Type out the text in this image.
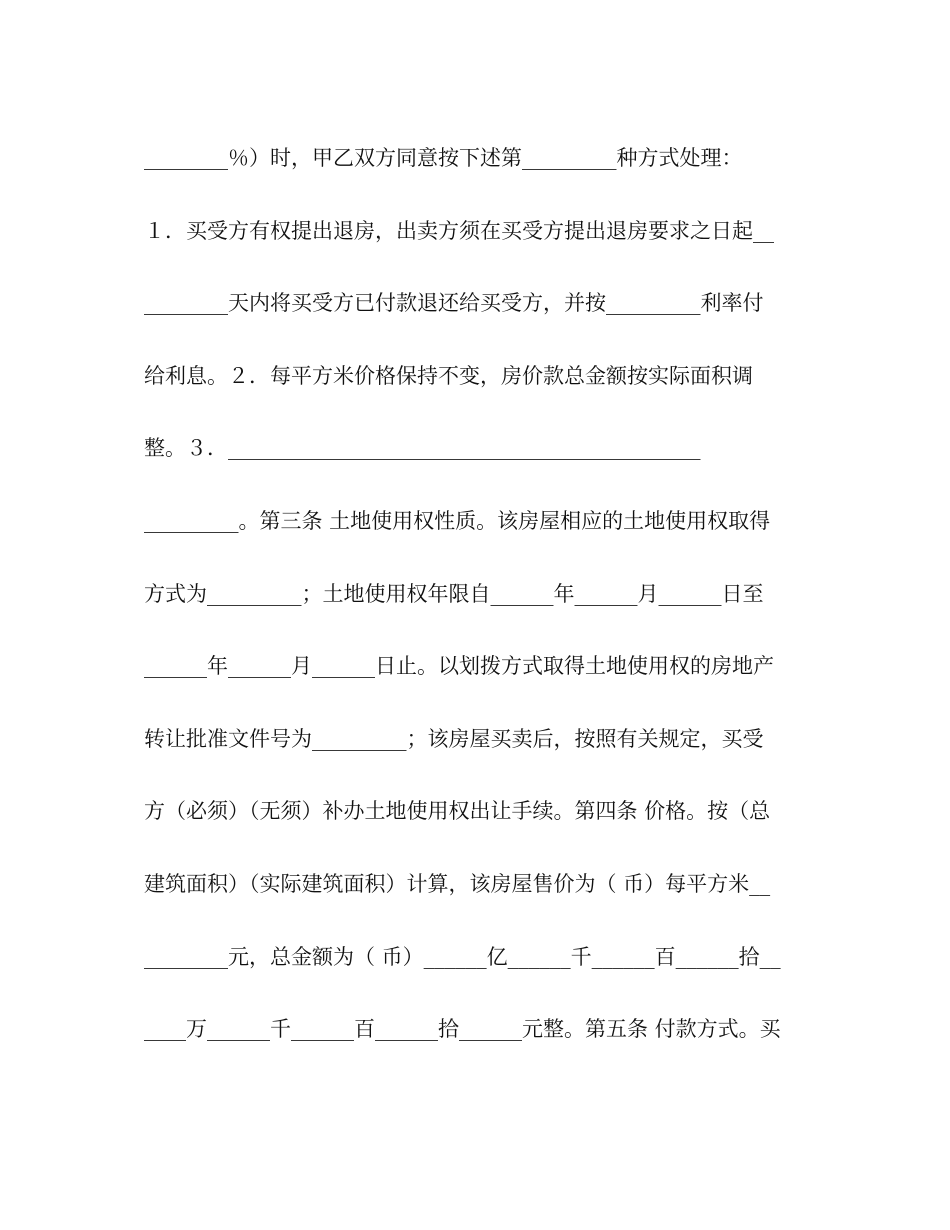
________％）时，甲乙双方同意按下述第_________种方式处理：
１．买受方有权提出退房，出卖方须在买受方提出退房要求之日起__
________天内将买受方已付款退还给买受方，并按_________利率付
给利息。２．每平方米价格保持不变，房价款总金额按实际面积调
整。３．_____________________________________________
_________。第三条 土地使用权性质。该房屋相应的土地使用权取得
方式为_________；土地使用权年限自______年______月______日至
______年______月______日止。以划拨方式取得土地使用权的房地产
转让批准文件号为_________；该房屋买卖后，按照有关规定，买受
方（必须）（无须）补办土地使用权出让手续。第四条 价格。按（总
建筑面积）（实际建筑面积）计算，该房屋售价为（ 币）每平方米__
________元，总金额为（ 币）______亿______千______百______拾__
____万______千______百______拾______元整。第五条 付款方式。买
